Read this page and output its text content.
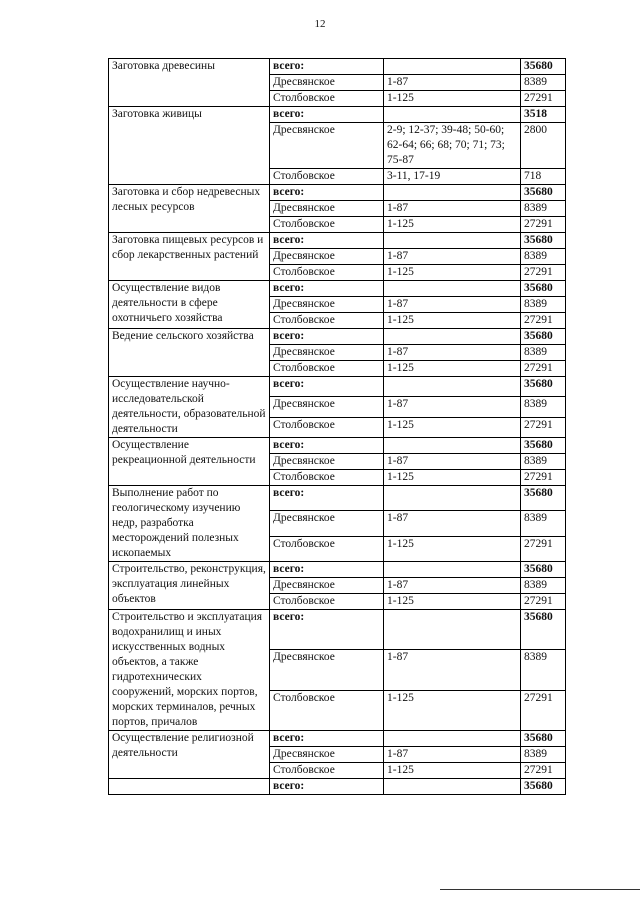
12
Заготовка древесины	всего:		35680
	Дресвянское	1-87	8389
	Столбовское	1-125	27291
Заготовка живицы	всего:		3518
	Дресвянское	2-9; 12-37; 39-48; 50-60; 62-64; 66; 68; 70; 71; 73; 75-87	2800
	Столбовское	3-11, 17-19	718
Заготовка и сбор недревесных лесных ресурсов	всего:		35680
	Дресвянское	1-87	8389
	Столбовское	1-125	27291
Заготовка пищевых ресурсов и сбор лекарственных растений	всего:		35680
	Дресвянское	1-87	8389
	Столбовское	1-125	27291
Осуществление видов деятельности в сфере охотничьего хозяйства	всего:		35680
	Дресвянское	1-87	8389
	Столбовское	1-125	27291
Ведение сельского хозяйства	всего:		35680
	Дресвянское	1-87	8389
	Столбовское	1-125	27291
Осуществление научно-исследовательской деятельности, образовательной деятельности	всего:		35680
	Дресвянское	1-87	8389
	Столбовское	1-125	27291
Осуществление рекреационной деятельности	всего:		35680
	Дресвянское	1-87	8389
	Столбовское	1-125	27291
Выполнение работ по геологическому изучению недр, разработка месторождений полезных ископаемых	всего:		35680
	Дресвянское	1-87	8389
	Столбовское	1-125	27291
Строительство, реконструкция, эксплуатация линейных объектов	всего:		35680
	Дресвянское	1-87	8389
	Столбовское	1-125	27291
Строительство и эксплуатация водохранилищ и иных искусственных водных объектов, а также гидротехнических сооружений, морских портов, морских терминалов, речных портов, причалов	всего:		35680
	Дресвянское	1-87	8389
	Столбовское	1-125	27291
Осуществление религиозной деятельности	всего:		35680
	Дресвянское	1-87	8389
	Столбовское	1-125	27291
	всего:		35680
